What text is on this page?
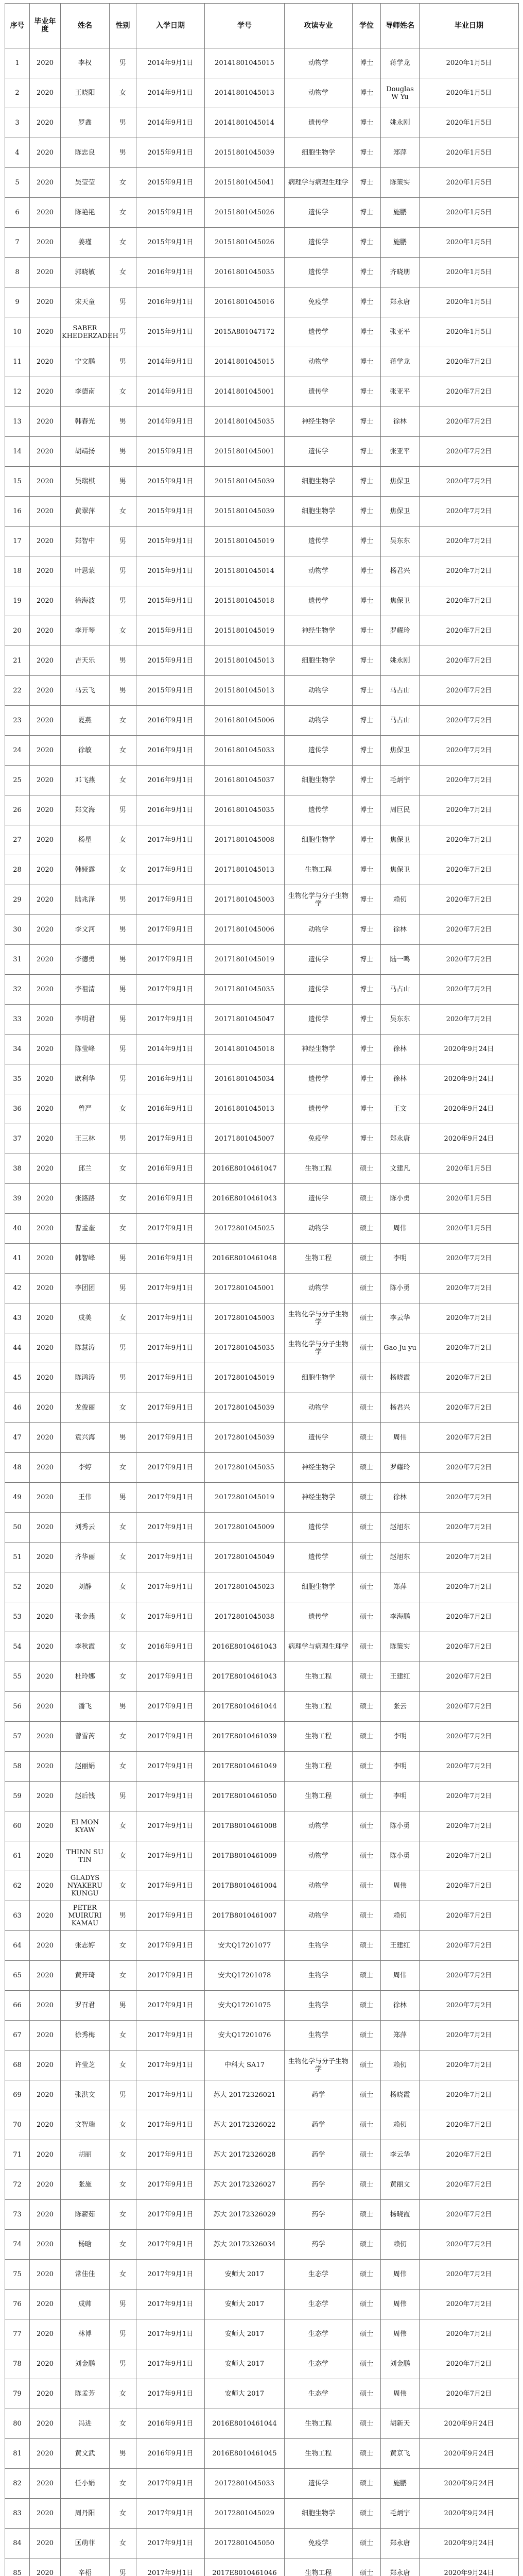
序号	毕业年度	姓名	性别	入学日期	学号	攻读专业	学位	导师姓名	毕业日期
1	2020	李权	男	2014年9月1日	20141801045015	动物学	博士	蒋学龙	2020年1月5日
2	2020	王晓阳	女	2014年9月1日	20141801045013	动物学	博士	Douglas W Yu	2020年1月5日
3	2020	罗鑫	男	2014年9月1日	20141801045014	遗传学	博士	姚永刚	2020年1月5日
4	2020	陈忠良	男	2015年9月1日	20151801045039	细胞生物学	博士	郑萍	2020年1月5日
5	2020	吴莹莹	女	2015年9月1日	20151801045041	病理学与病理生理学	博士	陈策实	2020年1月5日
6	2020	陈艳艳	女	2015年9月1日	20151801045026	遗传学	博士	施鹏	2020年1月5日
7	2020	姜瑾	女	2015年9月1日	20151801045026	遗传学	博士	施鹏	2020年1月5日
8	2020	郭晓敏	女	2016年9月1日	20161801045035	遗传学	博士	齐晓朋	2020年1月5日
9	2020	宋天童	男	2016年9月1日	20161801045016	免疫学	博士	郑永唐	2020年1月5日
10	2020	SABER KHEDERZADEH	男	2015年9月1日	2015A801047172	遗传学	博士	张亚平	2020年1月5日
11	2020	宁文鹏	男	2014年9月1日	20141801045015	动物学	博士	蒋学龙	2020年7月2日
12	2020	李德南	女	2014年9月1日	20141801045001	遗传学	博士	张亚平	2020年7月2日
13	2020	韩春光	男	2014年9月1日	20141801045035	神经生物学	博士	徐林	2020年7月2日
14	2020	胡靖扬	男	2015年9月1日	20151801045001	遗传学	博士	张亚平	2020年7月2日
15	2020	吴瑞棋	男	2015年9月1日	20151801045039	细胞生物学	博士	焦保卫	2020年7月2日
16	2020	黄翠萍	女	2015年9月1日	20151801045039	细胞生物学	博士	焦保卫	2020年7月2日
17	2020	郑智中	男	2015年9月1日	20151801045019	遗传学	博士	吴东东	2020年7月2日
18	2020	叶思蒙	男	2015年9月1日	20151801045014	动物学	博士	杨君兴	2020年7月2日
19	2020	徐海波	男	2015年9月1日	20151801045018	遗传学	博士	焦保卫	2020年7月2日
20	2020	李开琴	女	2015年9月1日	20151801045019	神经生物学	博士	罗耀玲	2020年7月2日
21	2020	吉天乐	男	2015年9月1日	20151801045013	细胞生物学	博士	姚永刚	2020年7月2日
22	2020	马云飞	男	2015年9月1日	20151801045013	动物学	博士	马占山	2020年7月2日
23	2020	夏燕	女	2016年9月1日	20161801045006	动物学	博士	马占山	2020年7月2日
24	2020	徐敏	女	2016年9月1日	20161801045033	遗传学	博士	焦保卫	2020年7月2日
25	2020	邓飞燕	女	2016年9月1日	20161801045037	细胞生物学	博士	毛炳宇	2020年7月2日
26	2020	郑文海	男	2016年9月1日	20161801045035	遗传学	博士	周巨民	2020年7月2日
27	2020	杨星	女	2017年9月1日	20171801045008	细胞生物学	博士	焦保卫	2020年7月2日
28	2020	韩娅露	女	2017年9月1日	20171801045013	生物工程	博士	焦保卫	2020年7月2日
29	2020	陆兆泽	男	2017年9月1日	20171801045003	生物化学与分子生物学	博士	赖仞	2020年7月2日
30	2020	李文河	男	2017年9月1日	20171801045006	动物学	博士	徐林	2020年7月2日
31	2020	李德勇	男	2017年9月1日	20171801045019	遗传学	博士	陆一鸣	2020年7月2日
32	2020	李祖清	男	2017年9月1日	20171801045035	遗传学	博士	马占山	2020年7月2日
33	2020	李明君	男	2017年9月1日	20171801045047	遗传学	博士	吴东东	2020年7月2日
34	2020	陈莹峰	男	2014年9月1日	20141801045018	神经生物学	博士	徐林	2020年9月24日
35	2020	欧利华	男	2016年9月1日	20161801045034	遗传学	博士	徐林	2020年9月24日
36	2020	曾严	女	2016年9月1日	20161801045013	遗传学	博士	王文	2020年9月24日
37	2020	王三林	男	2017年9月1日	20171801045007	免疫学	博士	郑永唐	2020年9月24日
38	2020	邱兰	女	2016年9月1日	2016E8010461047	生物工程	硕士	文建凡	2020年1月5日
39	2020	张路路	女	2016年9月1日	2016E8010461043	遗传学	硕士	陈小勇	2020年1月5日
40	2020	曹孟奎	女	2017年9月1日	20172801045025	动物学	硕士	周伟	2020年1月5日
41	2020	韩智峰	男	2016年9月1日	2016E8010461048	生物工程	硕士	李明	2020年7月2日
42	2020	李团团	男	2017年9月1日	20172801045001	动物学	硕士	陈小勇	2020年7月2日
43	2020	成美	女	2017年9月1日	20172801045003	生物化学与分子生物学	硕士	李云华	2020年7月2日
44	2020	陈慧涛	男	2017年9月1日	20172801045035	生物化学与分子生物学	硕士	Gao Ju yu	2020年7月2日
45	2020	陈鸿涛	男	2017年9月1日	20172801045019	细胞生物学	硕士	杨晓霞	2020年7月2日
46	2020	龙俊丽	女	2017年9月1日	20172801045039	动物学	硕士	杨君兴	2020年7月2日
47	2020	袁兴海	男	2017年9月1日	20172801045039	遗传学	硕士	周伟	2020年7月2日
48	2020	李婷	女	2017年9月1日	20172801045035	神经生物学	硕士	罗耀玲	2020年7月2日
49	2020	王伟	男	2017年9月1日	20172801045019	神经生物学	硕士	徐林	2020年7月2日
50	2020	刘秀云	女	2017年9月1日	20172801045009	遗传学	硕士	赵旭东	2020年7月2日
51	2020	齐华丽	女	2017年9月1日	20172801045049	遗传学	硕士	赵旭东	2020年7月2日
52	2020	刘静	女	2017年9月1日	20172801045023	细胞生物学	硕士	郑萍	2020年7月2日
53	2020	张金燕	女	2017年9月1日	20172801045038	遗传学	硕士	李海鹏	2020年7月2日
54	2020	李秋霞	女	2016年9月1日	2016E8010461043	病理学与病理生理学	硕士	陈策实	2020年7月2日
55	2020	杜玲娜	女	2017年9月1日	2017E8010461043	生物工程	硕士	王建红	2020年7月2日
56	2020	潘飞	男	2017年9月1日	2017E8010461044	生物工程	硕士	张云	2020年7月2日
57	2020	曾雪芮	女	2017年9月1日	2017E8010461039	生物工程	硕士	李明	2020年7月2日
58	2020	赵丽娟	女	2017年9月1日	2017E8010461049	生物工程	硕士	李明	2020年7月2日
59	2020	赵后钱	男	2017年9月1日	2017E8010461050	生物工程	硕士	李明	2020年7月2日
60	2020	EI MON KYAW	女	2017年9月1日	2017B8010461008	动物学	硕士	陈小勇	2020年7月2日
61	2020	THINN SU TIN	女	2017年9月1日	2017B8010461009	动物学	硕士	陈小勇	2020年7月2日
62	2020	GLADYS NYAKERU KUNGU	女	2017年9月1日	2017B8010461004	动物学	硕士	周伟	2020年7月2日
63	2020	PETER MUIRURI KAMAU	男	2017年9月1日	2017B8010461007	动物学	硕士	赖仞	2020年7月2日
64	2020	张志婷	女	2017年9月1日	安大Q17201077	生物学	硕士	王建红	2020年7月2日
65	2020	黄开琦	女	2017年9月1日	安大Q17201078	生物学	硕士	周伟	2020年7月2日
66	2020	罗召君	男	2017年9月1日	安大Q17201075	生物学	硕士	徐林	2020年7月2日
67	2020	徐秀梅	女	2017年9月1日	安大Q17201076	生物学	硕士	郑萍	2020年7月2日
68	2020	许莹芝	女	2017年9月1日	中科大 SA17	生物化学与分子生物学	硕士	赖仞	2020年7月2日
69	2020	张洪文	男	2017年9月1日	苏大 20172326021	药学	硕士	杨晓霞	2020年7月2日
70	2020	文智瑞	女	2017年9月1日	苏大 20172326022	药学	硕士	赖仞	2020年7月2日
71	2020	胡丽	女	2017年9月1日	苏大 20172326028	药学	硕士	李云华	2020年7月2日
72	2020	张施	女	2017年9月1日	苏大 20172326027	药学	硕士	黄丽文	2020年7月2日
73	2020	陈薪茹	女	2017年9月1日	苏大 20172326029	药学	硕士	杨晓霞	2020年7月2日
74	2020	杨晗	女	2017年9月1日	苏大 20172326034	药学	硕士	赖仞	2020年7月2日
75	2020	常佳佳	女	2017年9月1日	安师大 2017	生态学	硕士	周伟	2020年7月2日
76	2020	成帅	男	2017年9月1日	安师大 2017	生态学	硕士	周伟	2020年7月2日
77	2020	林博	男	2017年9月1日	安师大 2017	生态学	硕士	周伟	2020年7月2日
78	2020	刘金鹏	男	2017年9月1日	安师大 2017	生态学	硕士	刘金鹏	2020年7月2日
79	2020	陈孟芳	女	2017年9月1日	安师大 2017	生态学	硕士	周伟	2020年7月2日
80	2020	冯进	女	2016年9月1日	2016E8010461044	生物工程	硕士	胡新天	2020年9月24日
81	2020	黄文武	男	2016年9月1日	2016E8010461045	生物工程	硕士	黄京飞	2020年9月24日
82	2020	任小娟	女	2017年9月1日	20172801045033	遗传学	硕士	施鹏	2020年9月24日
83	2020	周丹阳	女	2017年9月1日	20172801045029	细胞生物学	硕士	毛炳宇	2020年9月24日
84	2020	匡萌菲	女	2017年9月1日	20172801045050	免疫学	硕士	郑永唐	2020年9月24日
85	2020	辛梧	男	2017年9月1日	2017E8010461046	生物工程	硕士	郑永唐	2020年9月24日
